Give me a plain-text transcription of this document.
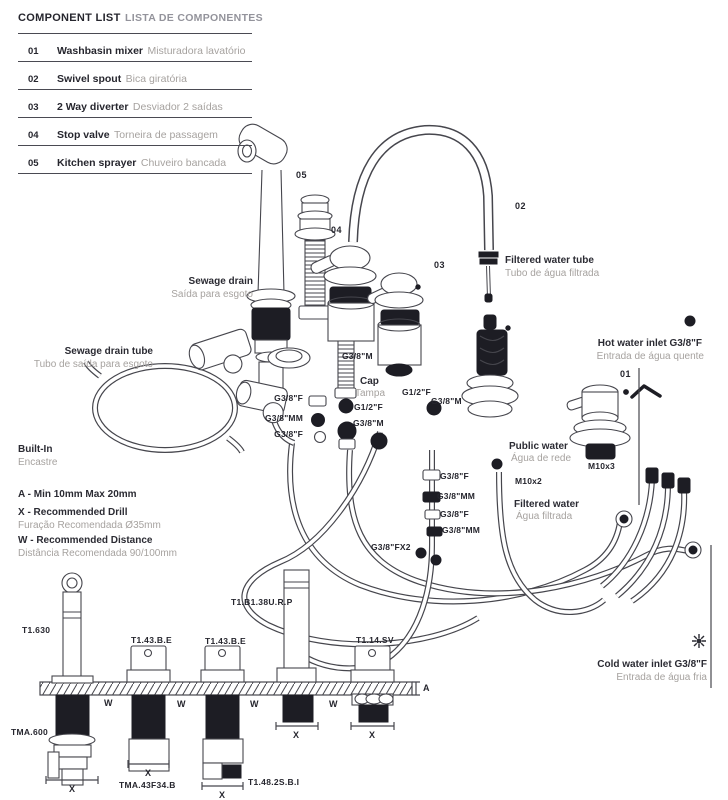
COMPONENT LIST LISTA DE COMPONENTES
01 Washbasin mixer Misturadora lavatório
02 Swivel spout Bica giratória
03 2 Way diverter Desviador 2 saídas
04 Stop valve Torneira de passagem
05 Kitchen sprayer Chuveiro bancada
05
04
03
02
01
Sewage drain
Saída para esgoto
Sewage drain tube
Tubo de saída para esgoto
Filtered water tube
Tubo de água filtrada
Hot water inlet G3/8"F
Entrada de água quente
Cold water inlet G3/8"F
Entrada de água fria
Public water
Água de rede
Filtered water
Água filtrada
Cap
Tampa
Built-In
Encastre
A - Min 10mm Max 20mm
X - Recommended Drill
Furação Recomendada Ø35mm
W - Recommended Distance
Distância Recomendada 90/100mm
G3/8"M
G3/8"F
G3/8"MM
G3/8"F
G1/2"F
G3/8"M
G1/2"F
G3/8"M
G3/8"F
G3/8"MM
G3/8"F
G3/8"MM
G3/8"FX2
M10x2
M10x3
T1.630
TMA.600
T1.43.B.E	T1.43.B.E
T1.B1.38U.R.P
T1.14.SV
TMA.43F34.B	T1.48.2S.B.I
W	W	W	W
X
X
X
X	X
A
